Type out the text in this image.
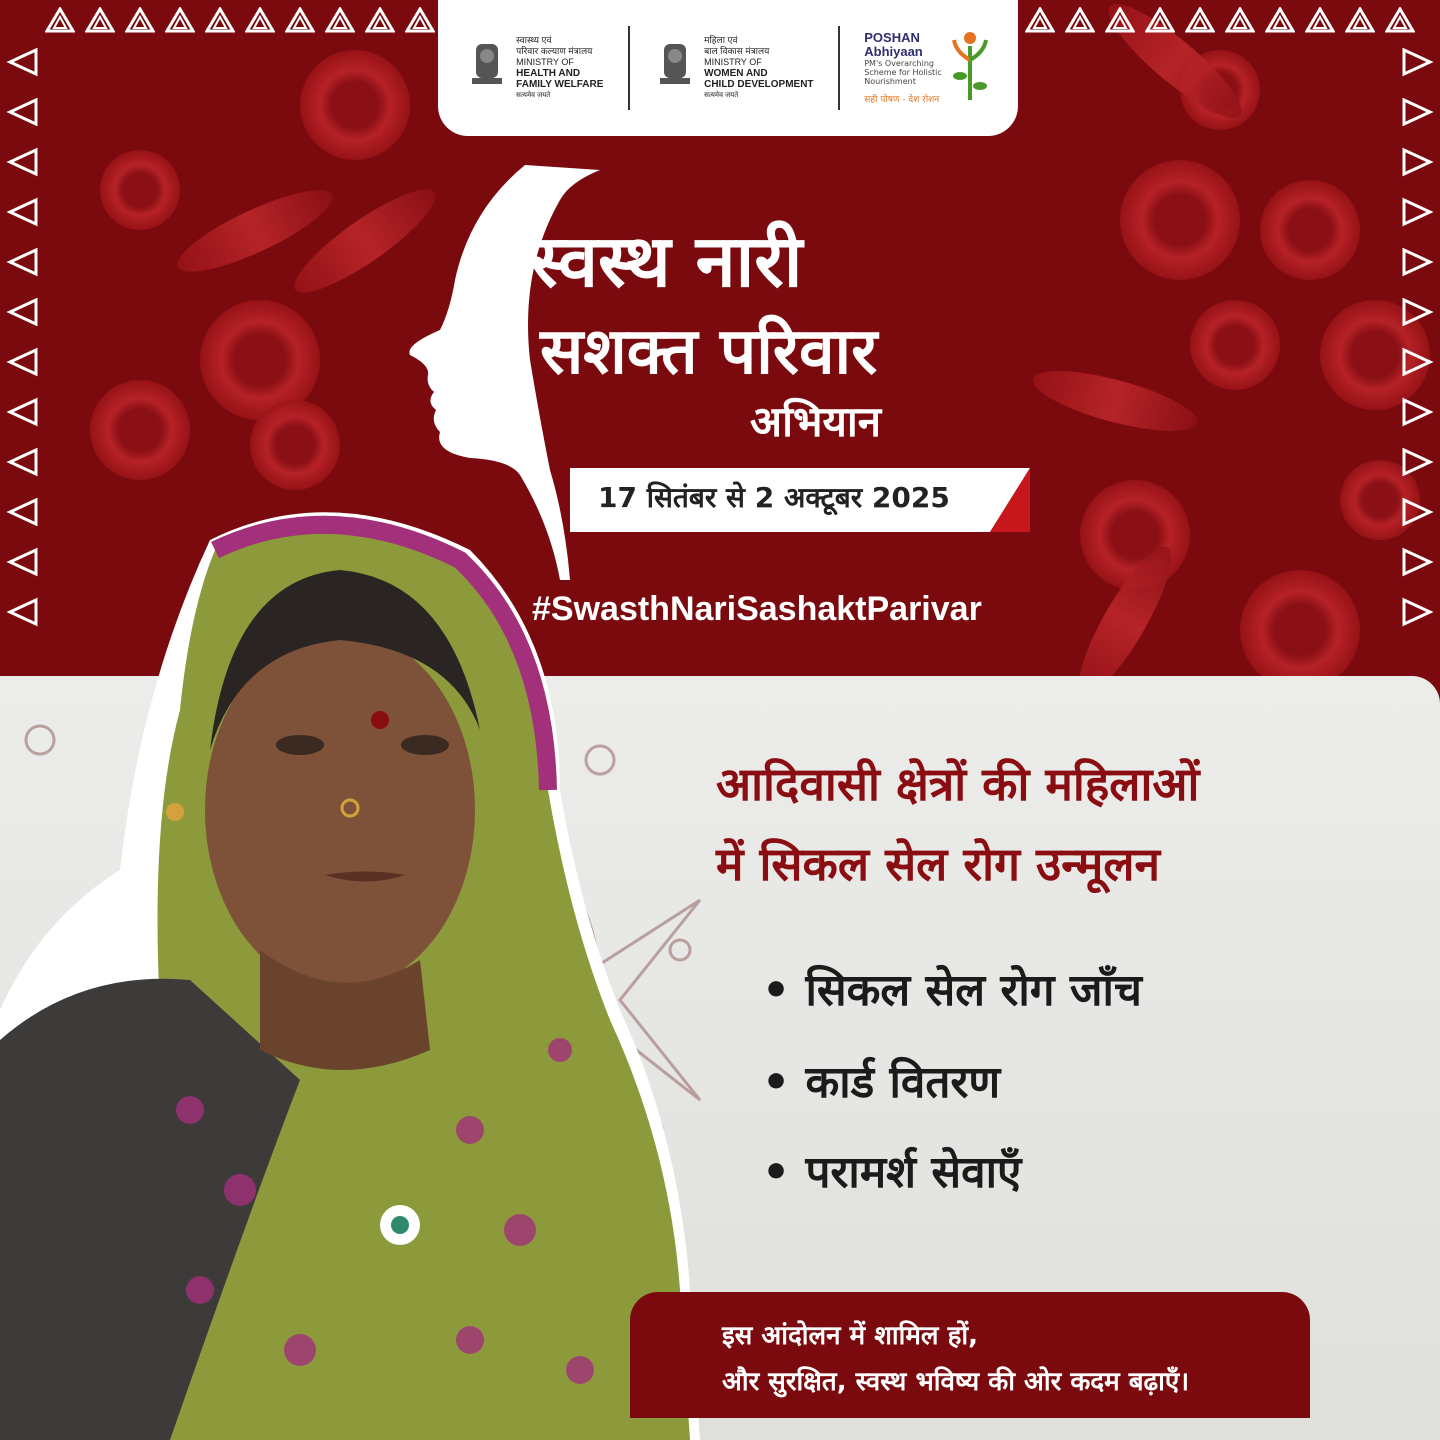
स्वास्थ्य एवं
परिवार कल्याण मंत्रालय
MINISTRY OF
HEALTH AND
FAMILY WELFARE
सत्यमेव जयते
महिला एवं
बाल विकास मंत्रालय
MINISTRY OF
WOMEN AND
CHILD DEVELOPMENT
सत्यमेव जयते
POSHAN
Abhiyaan
PM's Overarching
Scheme for Holistic
Nourishment
सही पोषण - देश रोशन
स्वस्थ नारी
सशक्त परिवार
अभियान
17 सितंबर से 2 अक्टूबर 2025
#SwasthNariSashaktParivar
आदिवासी क्षेत्रों की महिलाओं
में सिकल सेल रोग उन्मूलन
• सिकल सेल रोग जाँच
• कार्ड वितरण
• परामर्श सेवाएँ
इस आंदोलन में शामिल हों,
और सुरक्षित, स्वस्थ भविष्य की ओर कदम बढ़ाएँ।
